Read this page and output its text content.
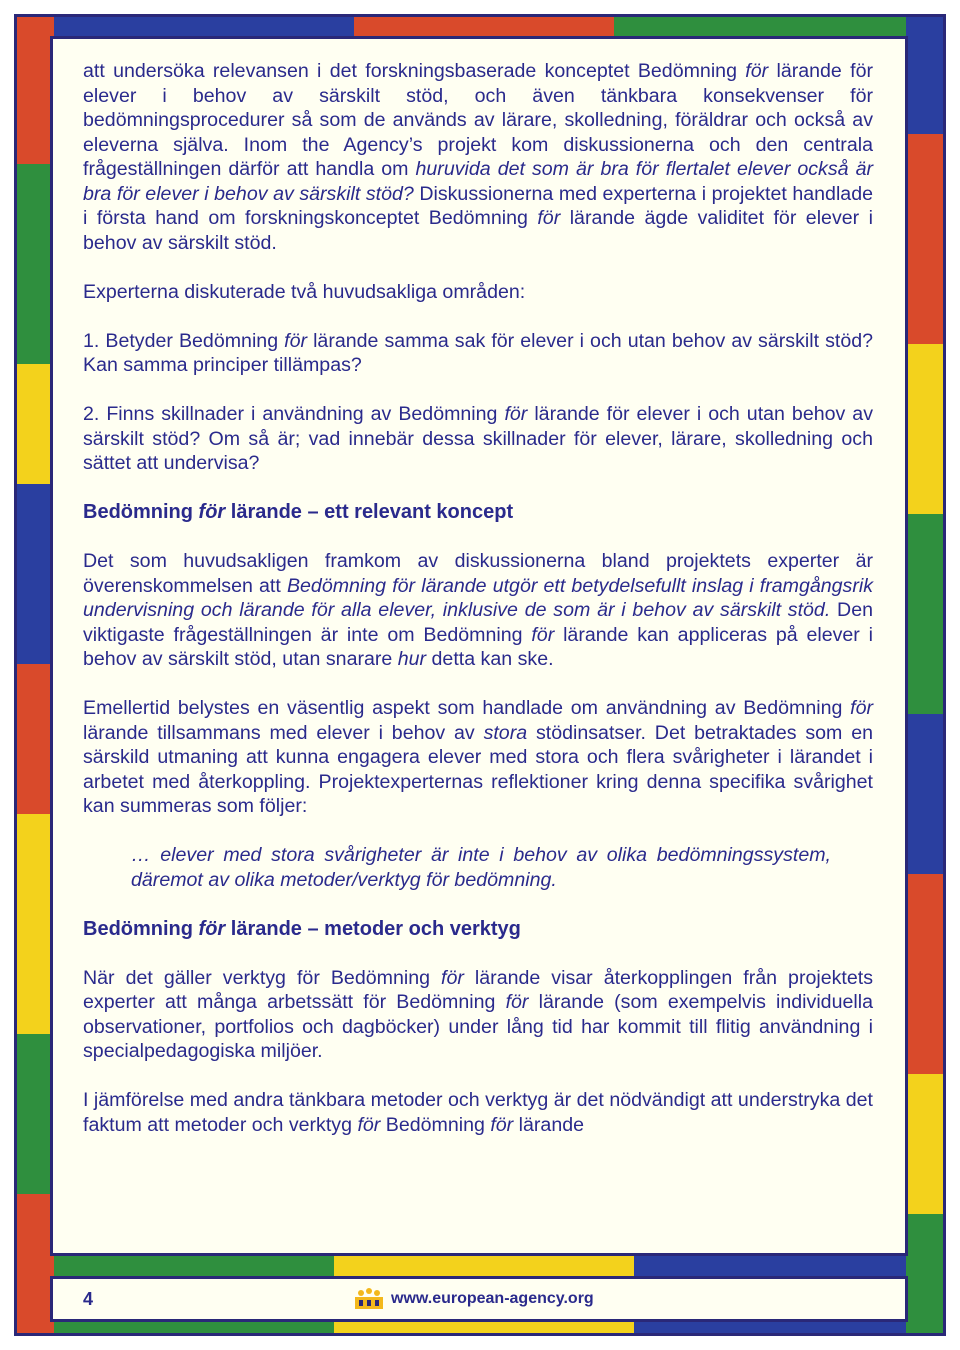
att undersöka relevansen i det forskningsbaserade konceptet Bedömning för lärande för elever i behov av särskilt stöd, och även tänkbara konsekvenser för bedömningsprocedurer så som de används av lärare, skolledning, föräldrar och också av eleverna själva. Inom the Agency’s projekt kom diskussionerna och den centrala frågeställningen därför att handla om huruvida det som är bra för flertalet elever också är bra för elever i behov av särskilt stöd? Diskussionerna med experterna i projektet handlade i första hand om forskningskonceptet Bedömning för lärande ägde validitet för elever i behov av särskilt stöd.

Experterna diskuterade två huvudsakliga områden:

1. Betyder Bedömning för lärande samma sak för elever i och utan behov av särskilt stöd? Kan samma principer tillämpas?

2. Finns skillnader i användning av Bedömning för lärande för elever i och utan behov av särskilt stöd? Om så är; vad innebär dessa skillnader för elever, lärare, skolledning och sättet att undervisa?

Bedömning för lärande – ett relevant koncept

Det som huvudsakligen framkom av diskussionerna bland projektets experter är överenskommelsen att Bedömning för lärande utgör ett betydelsefullt inslag i framgångsrik undervisning och lärande för alla elever, inklusive de som är i behov av särskilt stöd. Den viktigaste frågeställningen är inte om Bedömning för lärande kan appliceras på elever i behov av särskilt stöd, utan snarare hur detta kan ske.

Emellertid belystes en väsentlig aspekt som handlade om användning av Bedömning för lärande tillsammans med elever i behov av stora stödinsatser. Det betraktades som en särskild utmaning att kunna engagera elever med stora och flera svårigheter i lärandet i arbetet med återkoppling. Projektexperternas reflektioner kring denna specifika svårighet kan summeras som följer:

… elever med stora svårigheter är inte i behov av olika bedömningssystem, däremot av olika metoder/verktyg för bedömning.

Bedömning för lärande – metoder och verktyg

När det gäller verktyg för Bedömning för lärande visar återkopplingen från projektets experter att många arbetssätt för Bedömning för lärande (som exempelvis individuella observationer, portfolios och dagböcker) under lång tid har kommit till flitig användning i specialpedagogiska miljöer.

I jämförelse med andra tänkbara metoder och verktyg är det nödvändigt att understryka det faktum att metoder och verktyg för Bedömning för lärande

4	www.european-agency.org
